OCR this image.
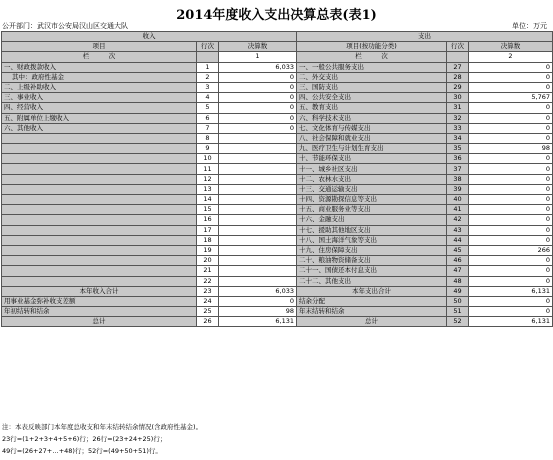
2014年度收入支出决算总表(表1)
公开部门：武汉市公安局汉山区交通大队	单位：万元
收入			支出		
项目	行次	决算数	项目(按功能分类)	行次	决算数
栏　　　次		1	栏　　　次		2
一、财政拨款收入	1	6,033	一、一般公共服务支出	27	0
其中：政府性基金	2	0	二、外交支出	28	0
二、上级补助收入	3	0	三、国防支出	29	0
三、事业收入	4	0	四、公共安全支出	30	5,767
四、经营收入	5	0	五、教育支出	31	0
五、附属单位上缴收入	6	0	六、科学技术支出	32	0
六、其他收入	7	0	七、文化体育与传媒支出	33	0
	8		八、社会保障和就业支出	34	0
	9		九、医疗卫生与计划生育支出	35	98
	10		十、节能环保支出	36	0
	11		十一、城乡社区支出	37	0
	12		十二、农林水支出	38	0
	13		十三、交通运输支出	39	0
	14		十四、资源勘探信息等支出	40	0
	15		十五、商业服务业等支出	41	0
	16		十六、金融支出	42	0
	17		十七、援助其他地区支出	43	0
	18		十八、国土海洋气象等支出	44	0
	19		十九、住房保障支出	45	266
	20		二十、粮油物资储备支出	46	0
	21		二十一、国债还本付息支出	47	0
	22		二十二、其他支出	48	0
本年收入合计	23	6,033	本年支出合计	49	6,131
用事业基金弥补收支差额	24	0	结余分配	50	0
年初结转和结余	25	98	年末结转和结余	51	0
总计	26	6,131	总计	52	6,131
注：本表反映部门本年度总收支和年末结转结余情况(含政府性基金)。
23行=(1+2+3+4+5+6)行；26行=(23+24+25)行；
49行=(26+27+…+48)行；52行=(49+50+51)行。
